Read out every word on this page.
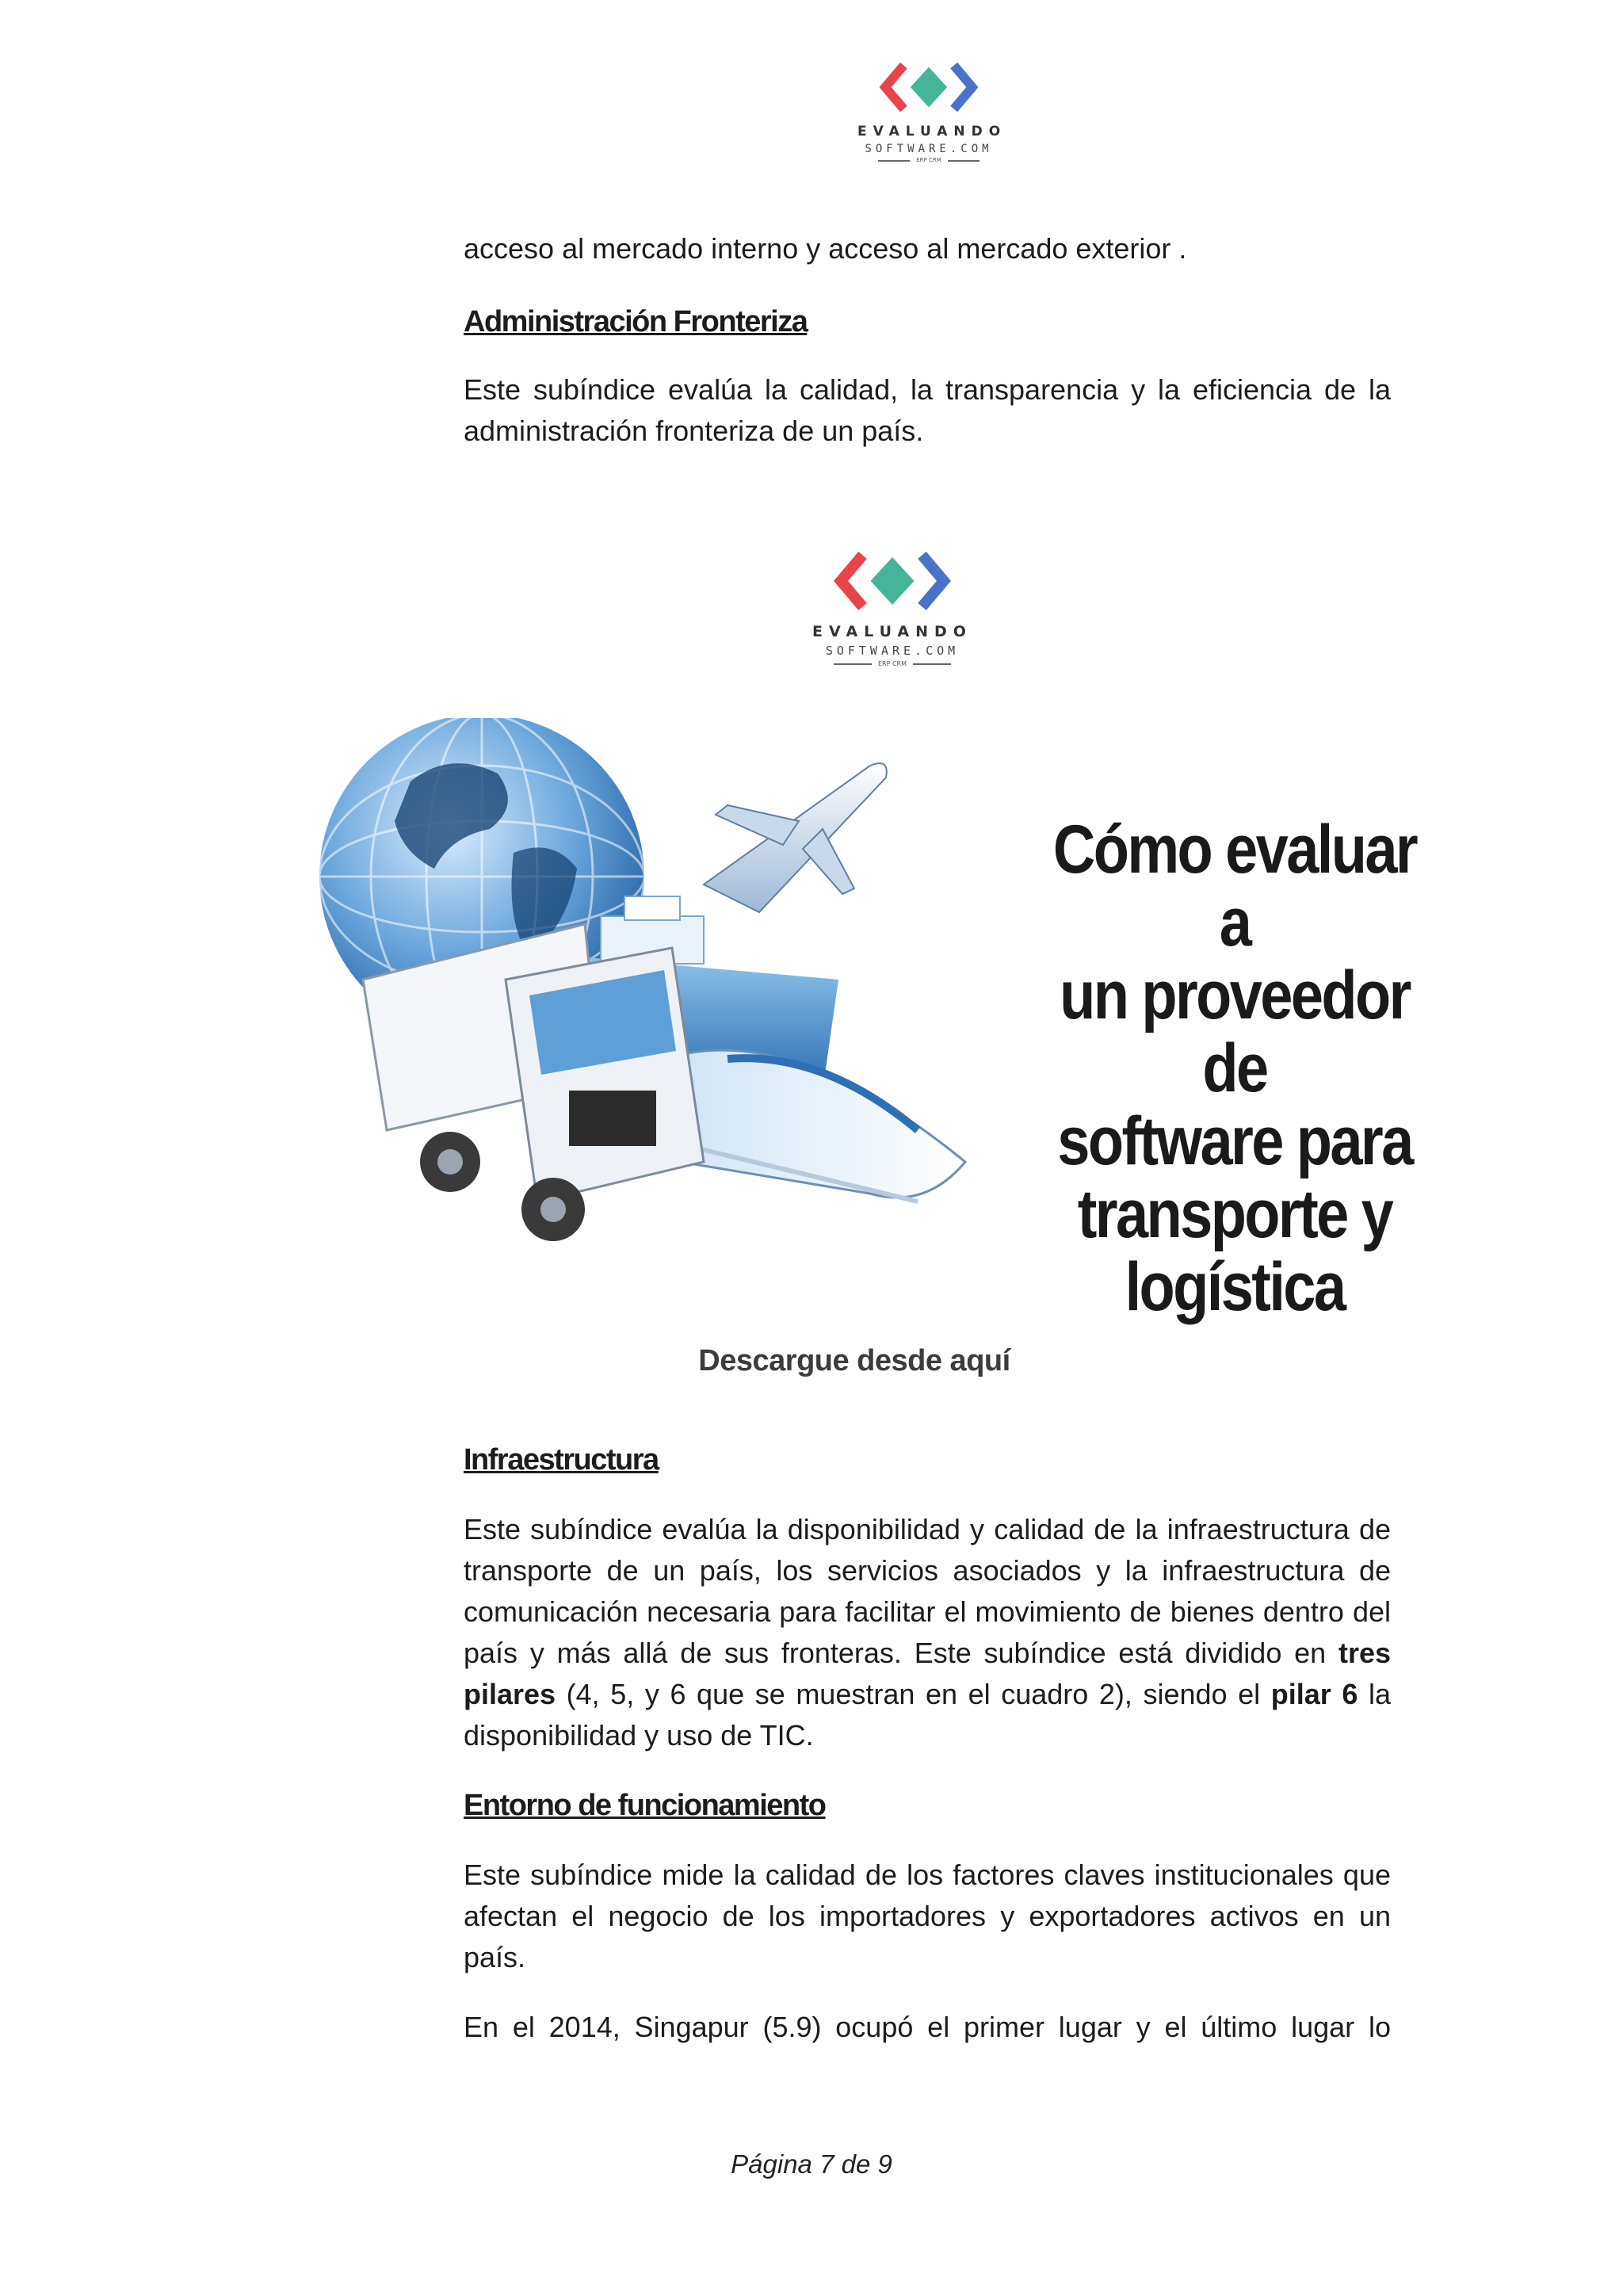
EVALUANDO
SOFTWARE.COM
ERP CRM

acceso al mercado interno y acceso al mercado exterior .

Administración Fronteriza

Este subíndice evalúa la calidad, la transparencia y la eficiencia de la administración fronteriza de un país.

EVALUANDO
SOFTWARE.COM
ERP CRM
Cómo evaluar a
un proveedor de
software para
transporte y
logística
Descargue desde aquí

Infraestructura

Este subíndice evalúa la disponibilidad y calidad de la infraestructura de transporte de un país, los servicios asociados y la infraestructura de comunicación necesaria para facilitar el movimiento de bienes dentro del país y más allá de sus fronteras. Este subíndice está dividido en tres pilares (4, 5, y 6 que se muestran en el cuadro 2), siendo el pilar 6 la disponibilidad y uso de TIC.

Entorno de funcionamiento

Este subíndice mide la calidad de los factores claves institucionales que afectan el negocio de los importadores y exportadores activos en un país.

En el 2014, Singapur (5.9) ocupó el primer lugar y el último lugar lo

Página 7 de 9
